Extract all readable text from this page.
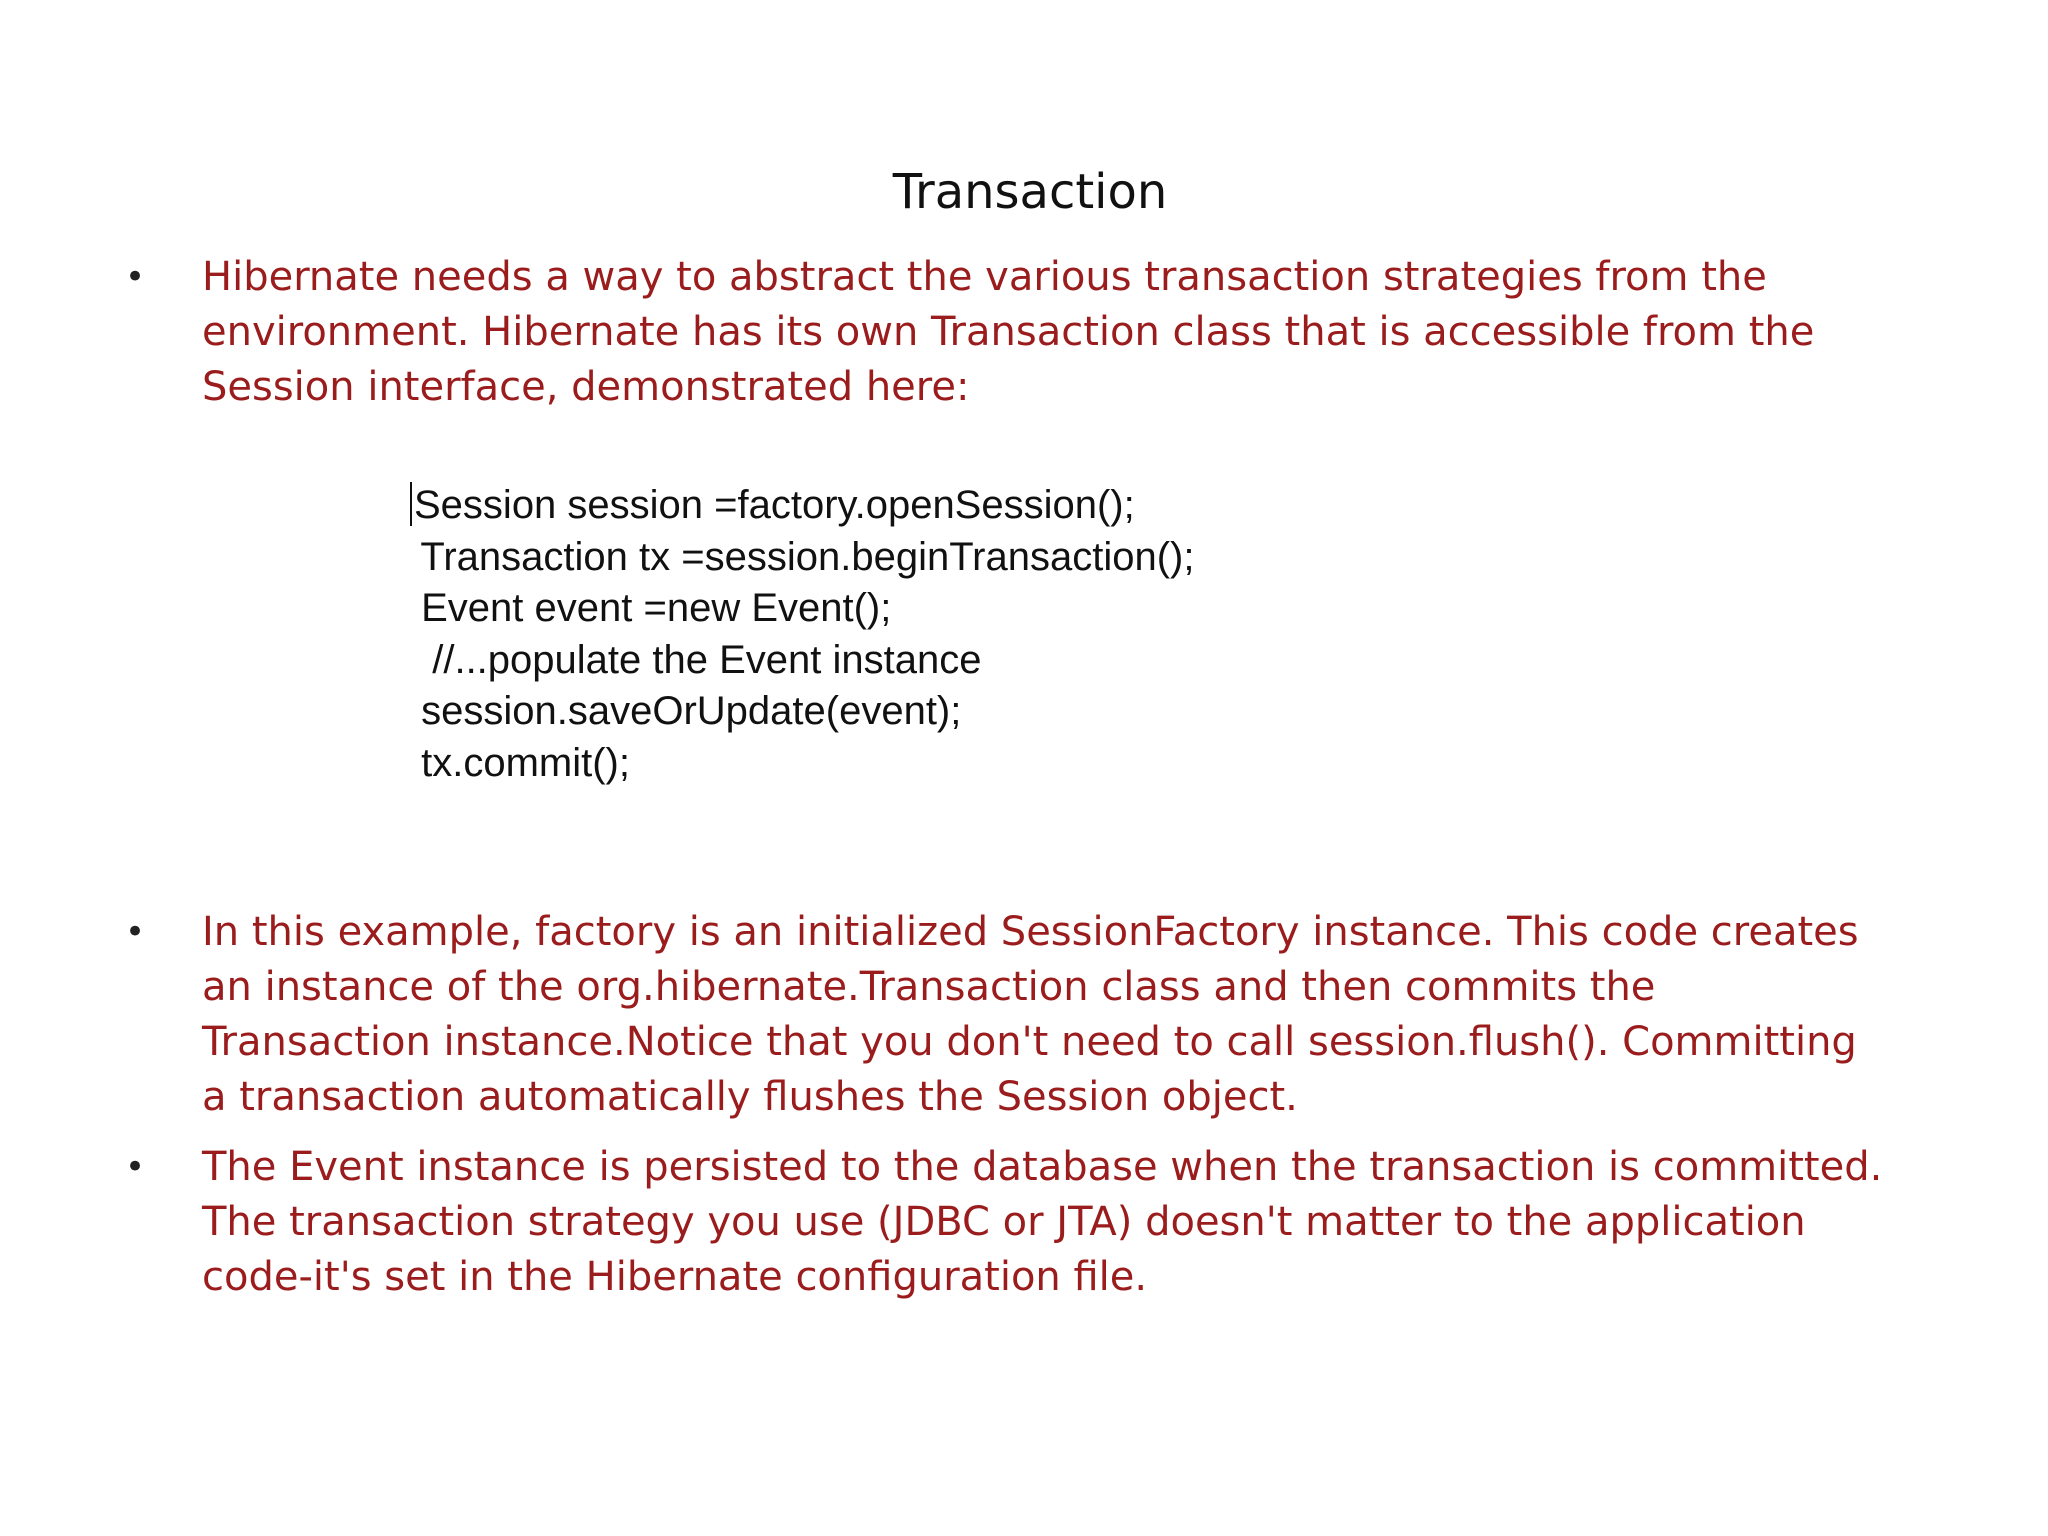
Transaction
• Hibernate needs a way to abstract the various transaction strategies from the
environment. Hibernate has its own Transaction class that is accessible from the
Session interface, demonstrated here:
Session session =factory.openSession();
Transaction tx =session.beginTransaction();
Event event =new Event();
//...populate the Event instance
session.saveOrUpdate(event);
tx.commit();
• In this example, factory is an initialized SessionFactory instance. This code creates
an instance of the org.hibernate.Transaction class and then commits the
Transaction instance.Notice that you don't need to call session.flush(). Committing
a transaction automatically flushes the Session object.
• The Event instance is persisted to the database when the transaction is committed.
The transaction strategy you use (JDBC or JTA) doesn't matter to the application
code-it's set in the Hibernate configuration file.
